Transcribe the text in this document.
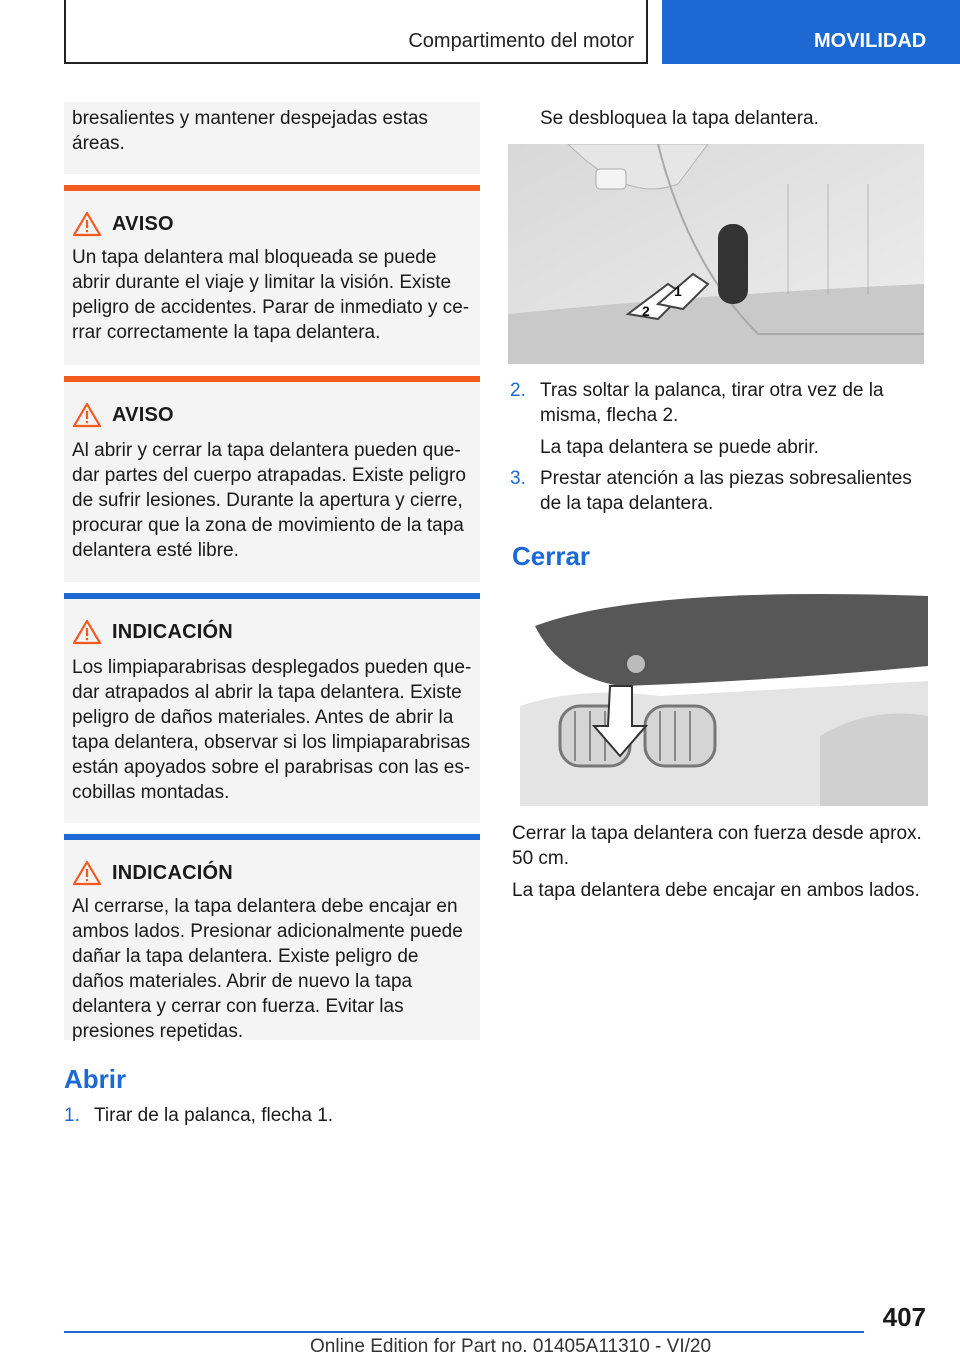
Compartimento del motor	MOVILIDAD
bresalientes y mantener despejadas estas áreas.
AVISO
Un tapa delantera mal bloqueada se puede abrir durante el viaje y limitar la visión. Existe peligro de accidentes. Parar de inmediato y ce-rrar correctamente la tapa delantera.
AVISO
Al abrir y cerrar la tapa delantera pueden que-dar partes del cuerpo atrapadas. Existe peligro de sufrir lesiones. Durante la apertura y cierre, procurar que la zona de movimiento de la tapa delantera esté libre.
INDICACIÓN
Los limpiaparabrisas desplegados pueden que-dar atrapados al abrir la tapa delantera. Existe peligro de daños materiales. Antes de abrir la tapa delantera, observar si los limpiaparabrisas están apoyados sobre el parabrisas con las es-cobillas montadas.
INDICACIÓN
Al cerrarse, la tapa delantera debe encajar en ambos lados. Presionar adicionalmente puede dañar la tapa delantera. Existe peligro de daños materiales. Abrir de nuevo la tapa delantera y cerrar con fuerza. Evitar las presiones repetidas.
Abrir
1. Tirar de la palanca, flecha 1.
Se desbloquea la tapa delantera.
2
1
2. Tras soltar la palanca, tirar otra vez de la misma, flecha 2.
La tapa delantera se puede abrir.
3. Prestar atención a las piezas sobresalientes de la tapa delantera.
Cerrar
Cerrar la tapa delantera con fuerza desde aprox. 50 cm.
La tapa delantera debe encajar en ambos lados.
407
Online Edition for Part no. 01405A11310 - VI/20
